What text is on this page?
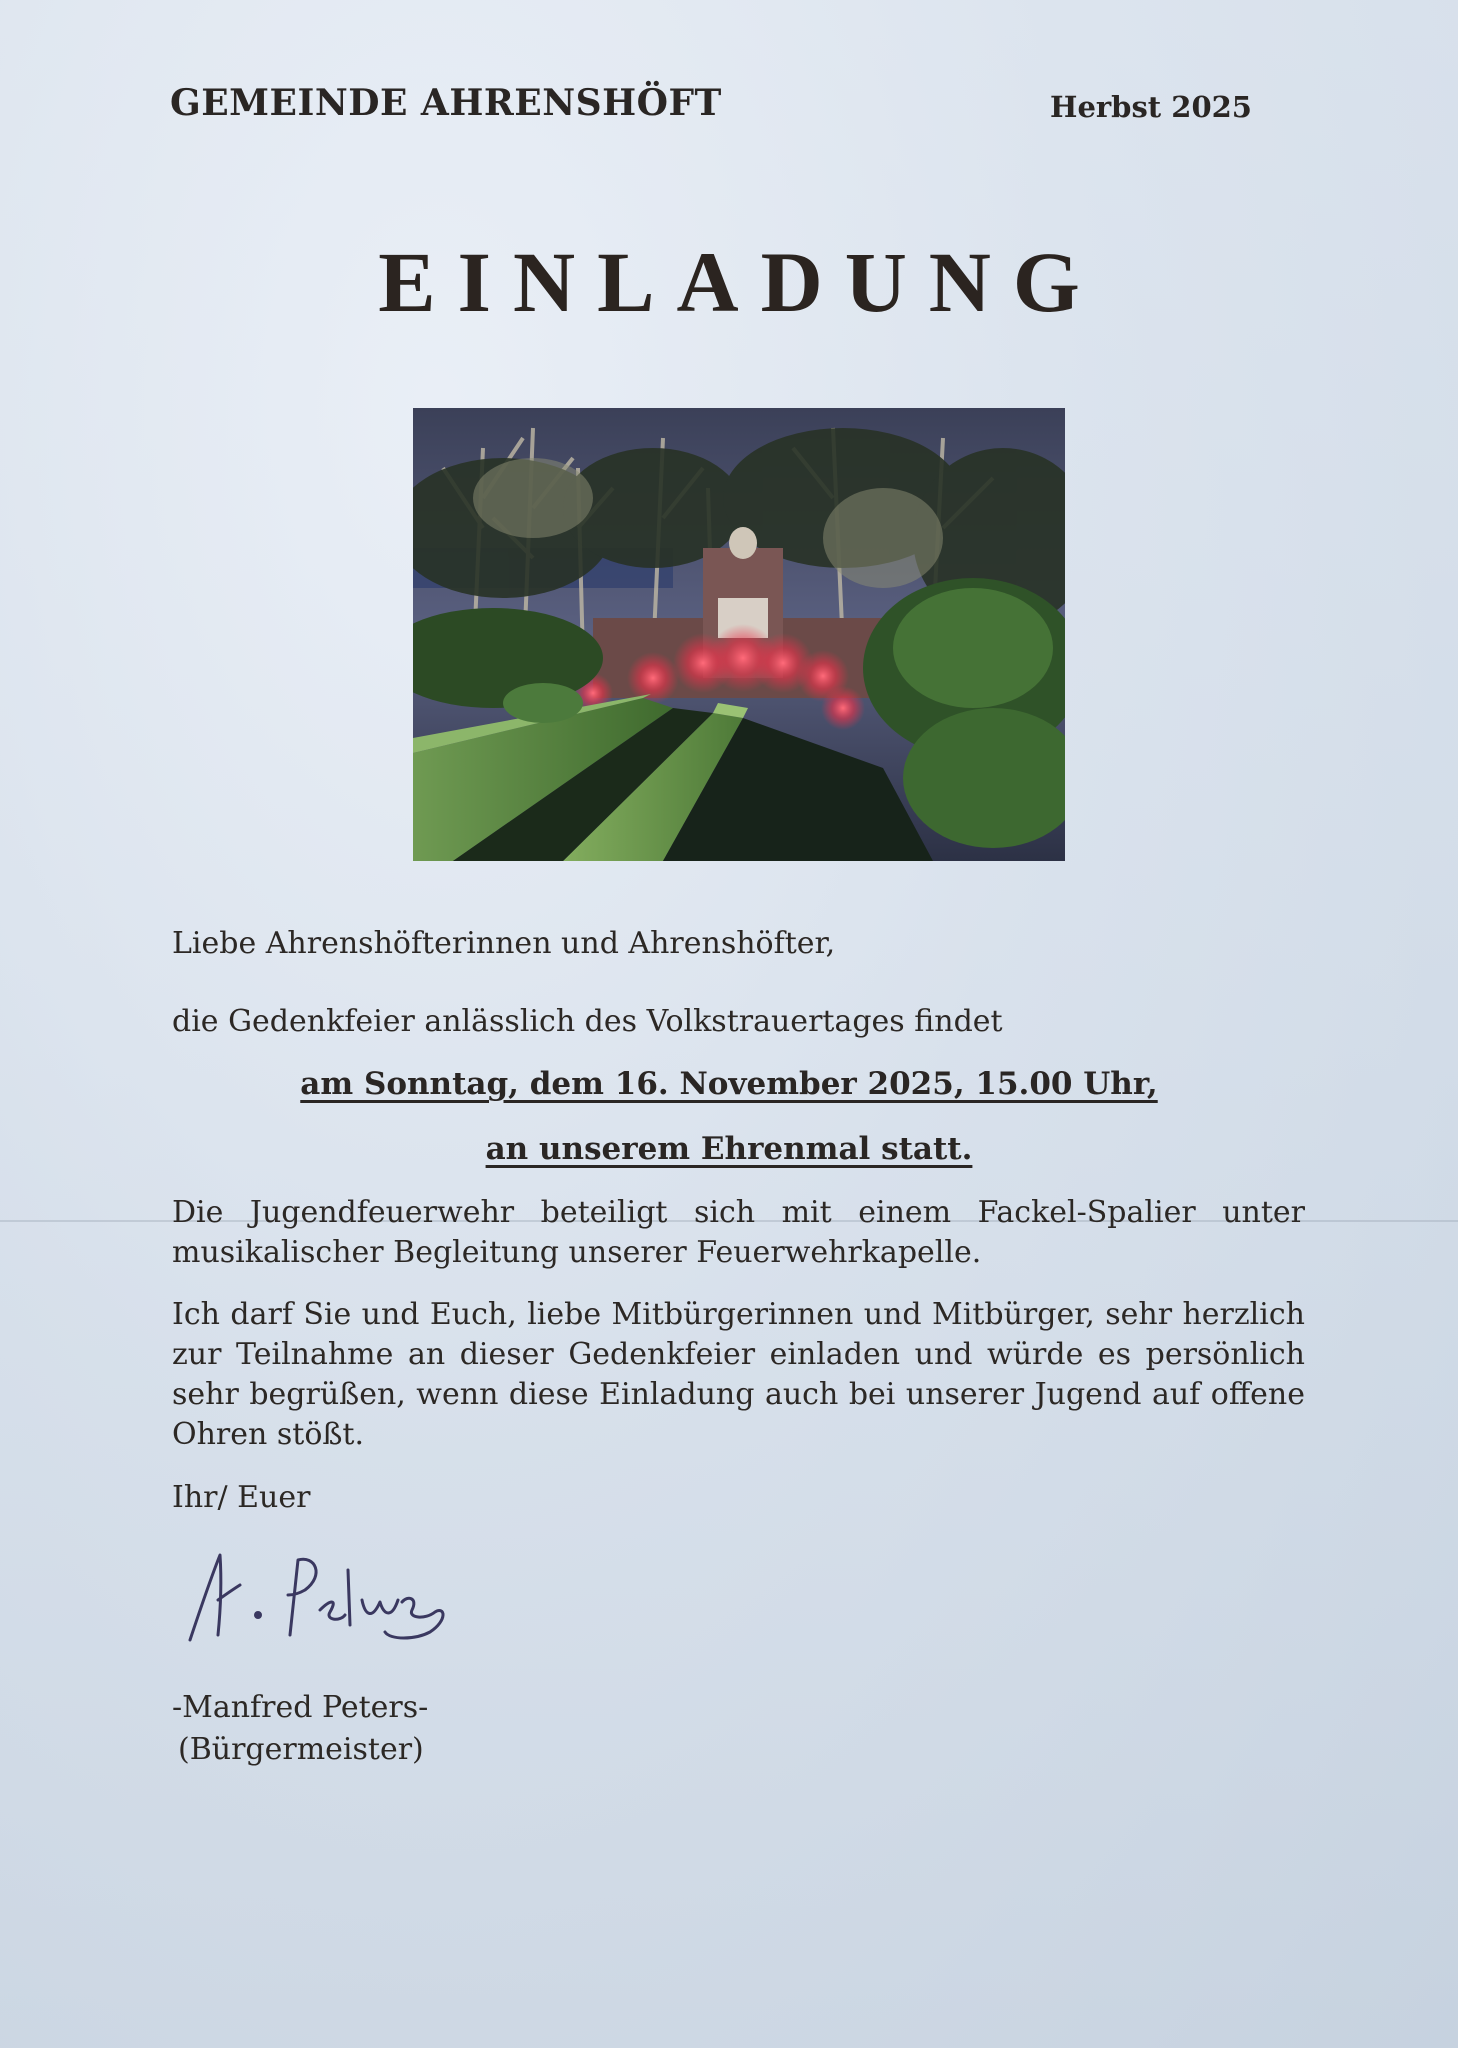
GEMEINDE AHRENSHÖFT	Herbst 2025
EINLADUNG
Liebe Ahrenshöfterinnen und Ahrenshöfter,
die Gedenkfeier anlässlich des Volkstrauertages findet
am Sonntag, dem 16. November 2025, 15.00 Uhr,
an unserem Ehrenmal statt.
Die Jugendfeuerwehr beteiligt sich mit einem Fackel-Spalier unter musikalischer Begleitung unserer Feuerwehrkapelle.
Ich darf Sie und Euch, liebe Mitbürgerinnen und Mitbürger, sehr herzlich zur Teilnahme an dieser Gedenkfeier einladen und würde es persönlich sehr begrüßen, wenn diese Einladung auch bei unserer Jugend auf offene Ohren stößt.
Ihr/ Euer
-Manfred Peters-
(Bürgermeister)
